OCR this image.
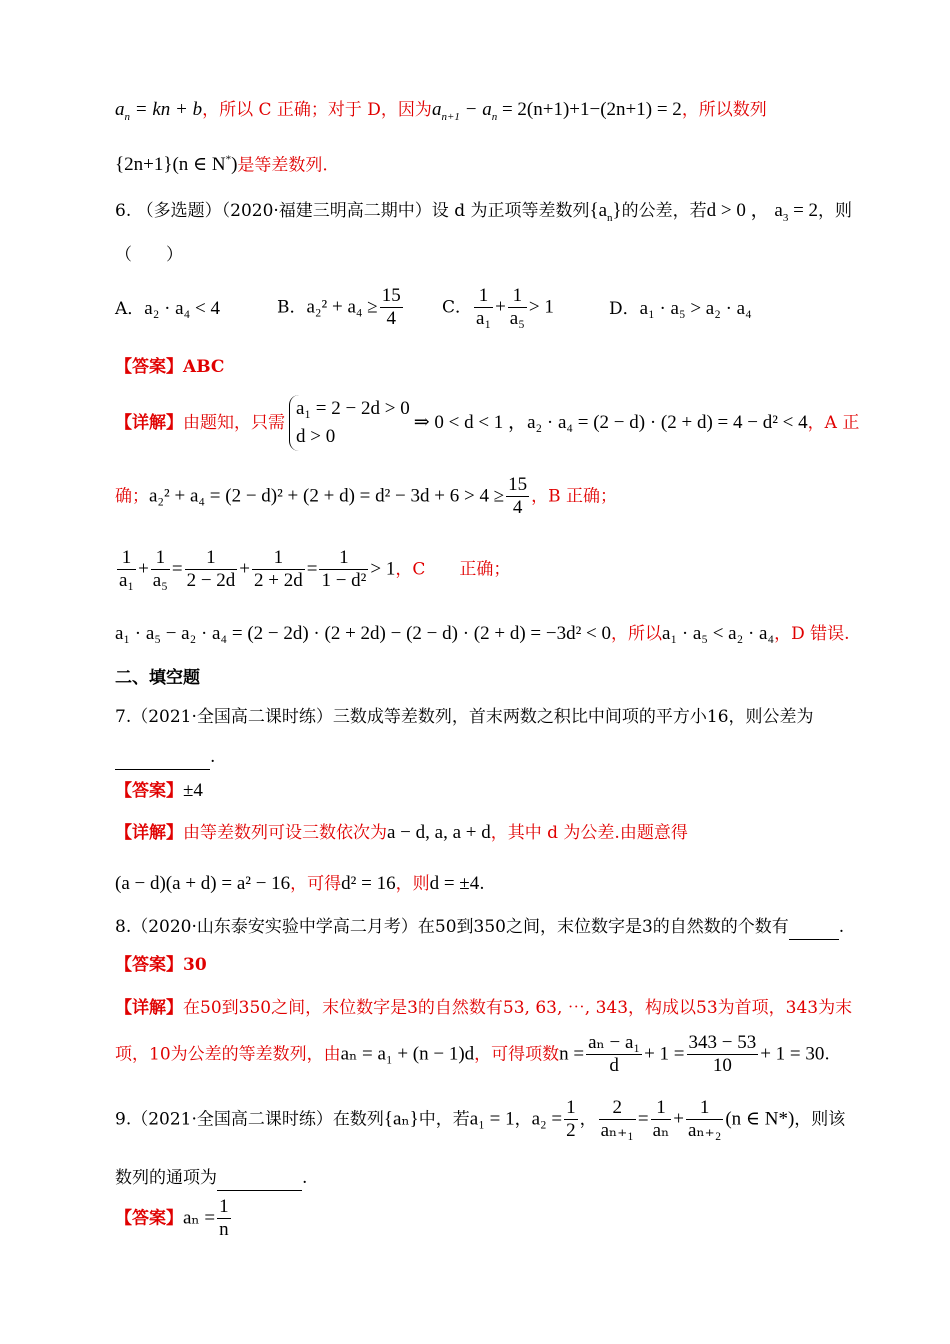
$a_n$ = kn + b，所以 C 正确；对于 D，因为$a_{n+1} - a_n = 2(n+1)+1-(2n+1) = 2$，所以数列
{2n+1}(n ∈ N*)是等差数列.
6. （多选题）（2020·福建三明高二期中）设 d 为正项等差数列$\{a_n\}$的公差，若d > 0 ， $a_3 = 2$，则
（　　）
A．a₂ · a₄ < 4	B．$a_2^2 + a_4 \ge \frac{15}{4}$ C． $\frac{1}{\text{a₁}} + \frac{1}{\text{a₅}} > 1$	D．a₁ · a₅ > a₂ · a₄
【答案】ABC
【详解】由题知，只需
a₁ = 2 − 2d > 0
d > 0
⇒ 0 < d < 1 ，a₂ · a₄ = (2 − d) · (2 + d) = 4 − d² < 4，A 正
确；$a_2^2 + a_4 = (2 - d)^2 + (2 + d) = d^2 - 3d + 6 > 4 \ge \frac{15}{4}$ ，B 正确；
$\frac{1}{\text{a₁}} + \frac{1}{\text{a₅}} = \frac{1}{2 - 2d} + \frac{1}{2 + 2d} = \frac{1}{\text{1 − d²}} > 1$，C　　正确；
a₁ · a₅ − a₂ · a₄ = (2 − 2d) · (2 + 2d) − (2 − d) · (2 + d) = −3d² < 0，所以a₁ · a₅ < a₂ · a₄，D 错误.
二、填空题
7.（2021·全国高二课时练）三数成等差数列，首末两数之积比中间项的平方小16，则公差为
.
【答案】±4
【详解】由等差数列可设三数依次为a − d, a, a + d，其中 d 为公差.由题意得
(a − d)(a + d) = a² − 16，可得d² = 16，则d = ±4.
8.（2020·山东泰安实验中学高二月考）在50到350之间，末位数字是3的自然数的个数有	.
【答案】30
【详解】在50到350之间，末位数字是3的自然数有53, 63, ⋯, 343，构成以53为首项，343为末
项，10为公差的等差数列，由aₙ = a₁ + (n − 1)d，可得项数$n = \frac{\text{aₙ − a₁}}{d} + 1 = \frac{343 - 53}{10} + 1 = 30$.
9.（2021·全国高二课时练）在数列{aₙ}中，若a₁ = 1，$a_2 = \frac{1}{2}$ ， $\frac{2}{\text{aₙ₊₁}} = \frac{1}{\text{aₙ}} + \frac{1}{\text{aₙ₊₂}} (n$ ∈ N*)，则该
数列的通项为	.
【答案】$a_n = \frac{1}{n}$
